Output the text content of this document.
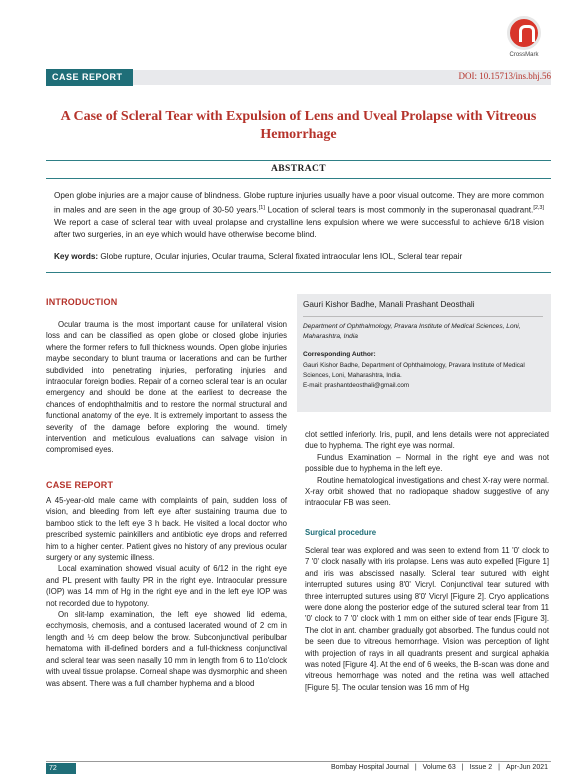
CrossMark
CASE REPORT	DOI: 10.15713/ins.bhj.56
A Case of Scleral Tear with Expulsion of Lens and Uveal Prolapse with Vitreous Hemorrhage
ABSTRACT
Open globe injuries are a major cause of blindness. Globe rupture injuries usually have a poor visual outcome. They are more common in males and are seen in the age group of 30-50 years.[1] Location of scleral tears is most commonly in the superonasal quadrant.[2,3] We report a case of scleral tear with uveal prolapse and crystalline lens expulsion where we were successful to achieve 6/18 vision after two surgeries, in an eye which would have otherwise become blind.
Key words: Globe rupture, Ocular injuries, Ocular trauma, Scleral fixated intraocular lens IOL, Scleral tear repair
INTRODUCTION

Ocular trauma is the most important cause for unilateral vision loss and can be classified as open globe or closed globe injuries where the former refers to full thickness wounds. Open globe injuries maybe secondary to blunt trauma or lacerations and can be further subdivided into penetrating injuries, perforating injuries and intraocular foreign bodies. Repair of a corneo scleral tear is an ocular emergency and should be done at the earliest to decrease the chances of endophthalmitis and to restore the normal structural and functional anatomy of the eye. It is extremely important to assess the severity of the damage before exploring the wound. timely intervention and meticulous evaluations can salvage vision in compromised eyes.

CASE REPORT

A 45-year-old male came with complaints of pain, sudden loss of vision, and bleeding from left eye after sustaining trauma due to bamboo stick to the left eye 3 h back. He visited a local doctor who prescribed systemic painkillers and antibiotic eye drops and referred him to a higher center. Patient gives no history of any previous ocular surgery or any systemic illness.

Local examination showed visual acuity of 6/12 in the right eye and PL present with faulty PR in the right eye. Intraocular pressure (IOP) was 14 mm of Hg in the right eye and in the left eye IOP was not recorded due to hypotony.

On slit-lamp examination, the left eye showed lid edema, ecchymosis, chemosis, and a contused lacerated wound of 2 cm in length and ½ cm deep below the brow. Subconjunctival peribulbar hematoma with ill-defined borders and a full-thickness conjunctival and scleral tear was seen nasally 10 mm in length from 6 to 11o'clock with uveal tissue prolapse. Corneal shape was dysmorphic and sheen was absent. There was a full chamber hyphema and a blood

Gauri Kishor Badhe, Manali Prashant Deosthali
Department of Ophthalmology, Pravara Institute of Medical Sciences, Loni, Maharashtra, India
Corresponding Author:
Gauri Kishor Badhe, Department of Ophthalmology, Pravara Institute of Medical Sciences, Loni, Maharashtra, India.
E-mail: prashantdeosthali@gmail.com

clot settled inferiorly. Iris, pupil, and lens details were not appreciated due to hyphema. The right eye was normal.

Fundus Examination – Normal in the right eye and was not possible due to hyphema in the left eye.

Routine hematological investigations and chest X-ray were normal. X-ray orbit showed that no radiopaque shadow suggestive of any intraocular FB was seen.

Surgical procedure

Scleral tear was explored and was seen to extend from 11 '0' clock to 7 '0' clock nasally with iris prolapse. Lens was auto expelled [Figure 1] and iris was abscissed nasally. Scleral tear sutured with eight interrupted sutures using 8'0' Vicryl. Conjunctival tear sutured with three interrupted sutures using 8'0' Vicryl [Figure 2]. Cryo applications were done along the posterior edge of the sutured scleral tear from 11 '0' clock to 7 '0' clock with 1 mm on either side of tear ends [Figure 3]. The clot in ant. chamber gradually got absorbed. The fundus could not be seen due to vitreous hemorrhage. Vision was perception of light with projection of rays in all quadrants present and surgical aphakia was noted [Figure 4]. At the end of 6 weeks, the B-scan was done and vitreous hemorrhage was noted and the retina was well attached [Figure 5]. The ocular tension was 16 mm of Hg

72	Bombay Hospital Journal | Volume 63 | Issue 2 | Apr-Jun 2021
